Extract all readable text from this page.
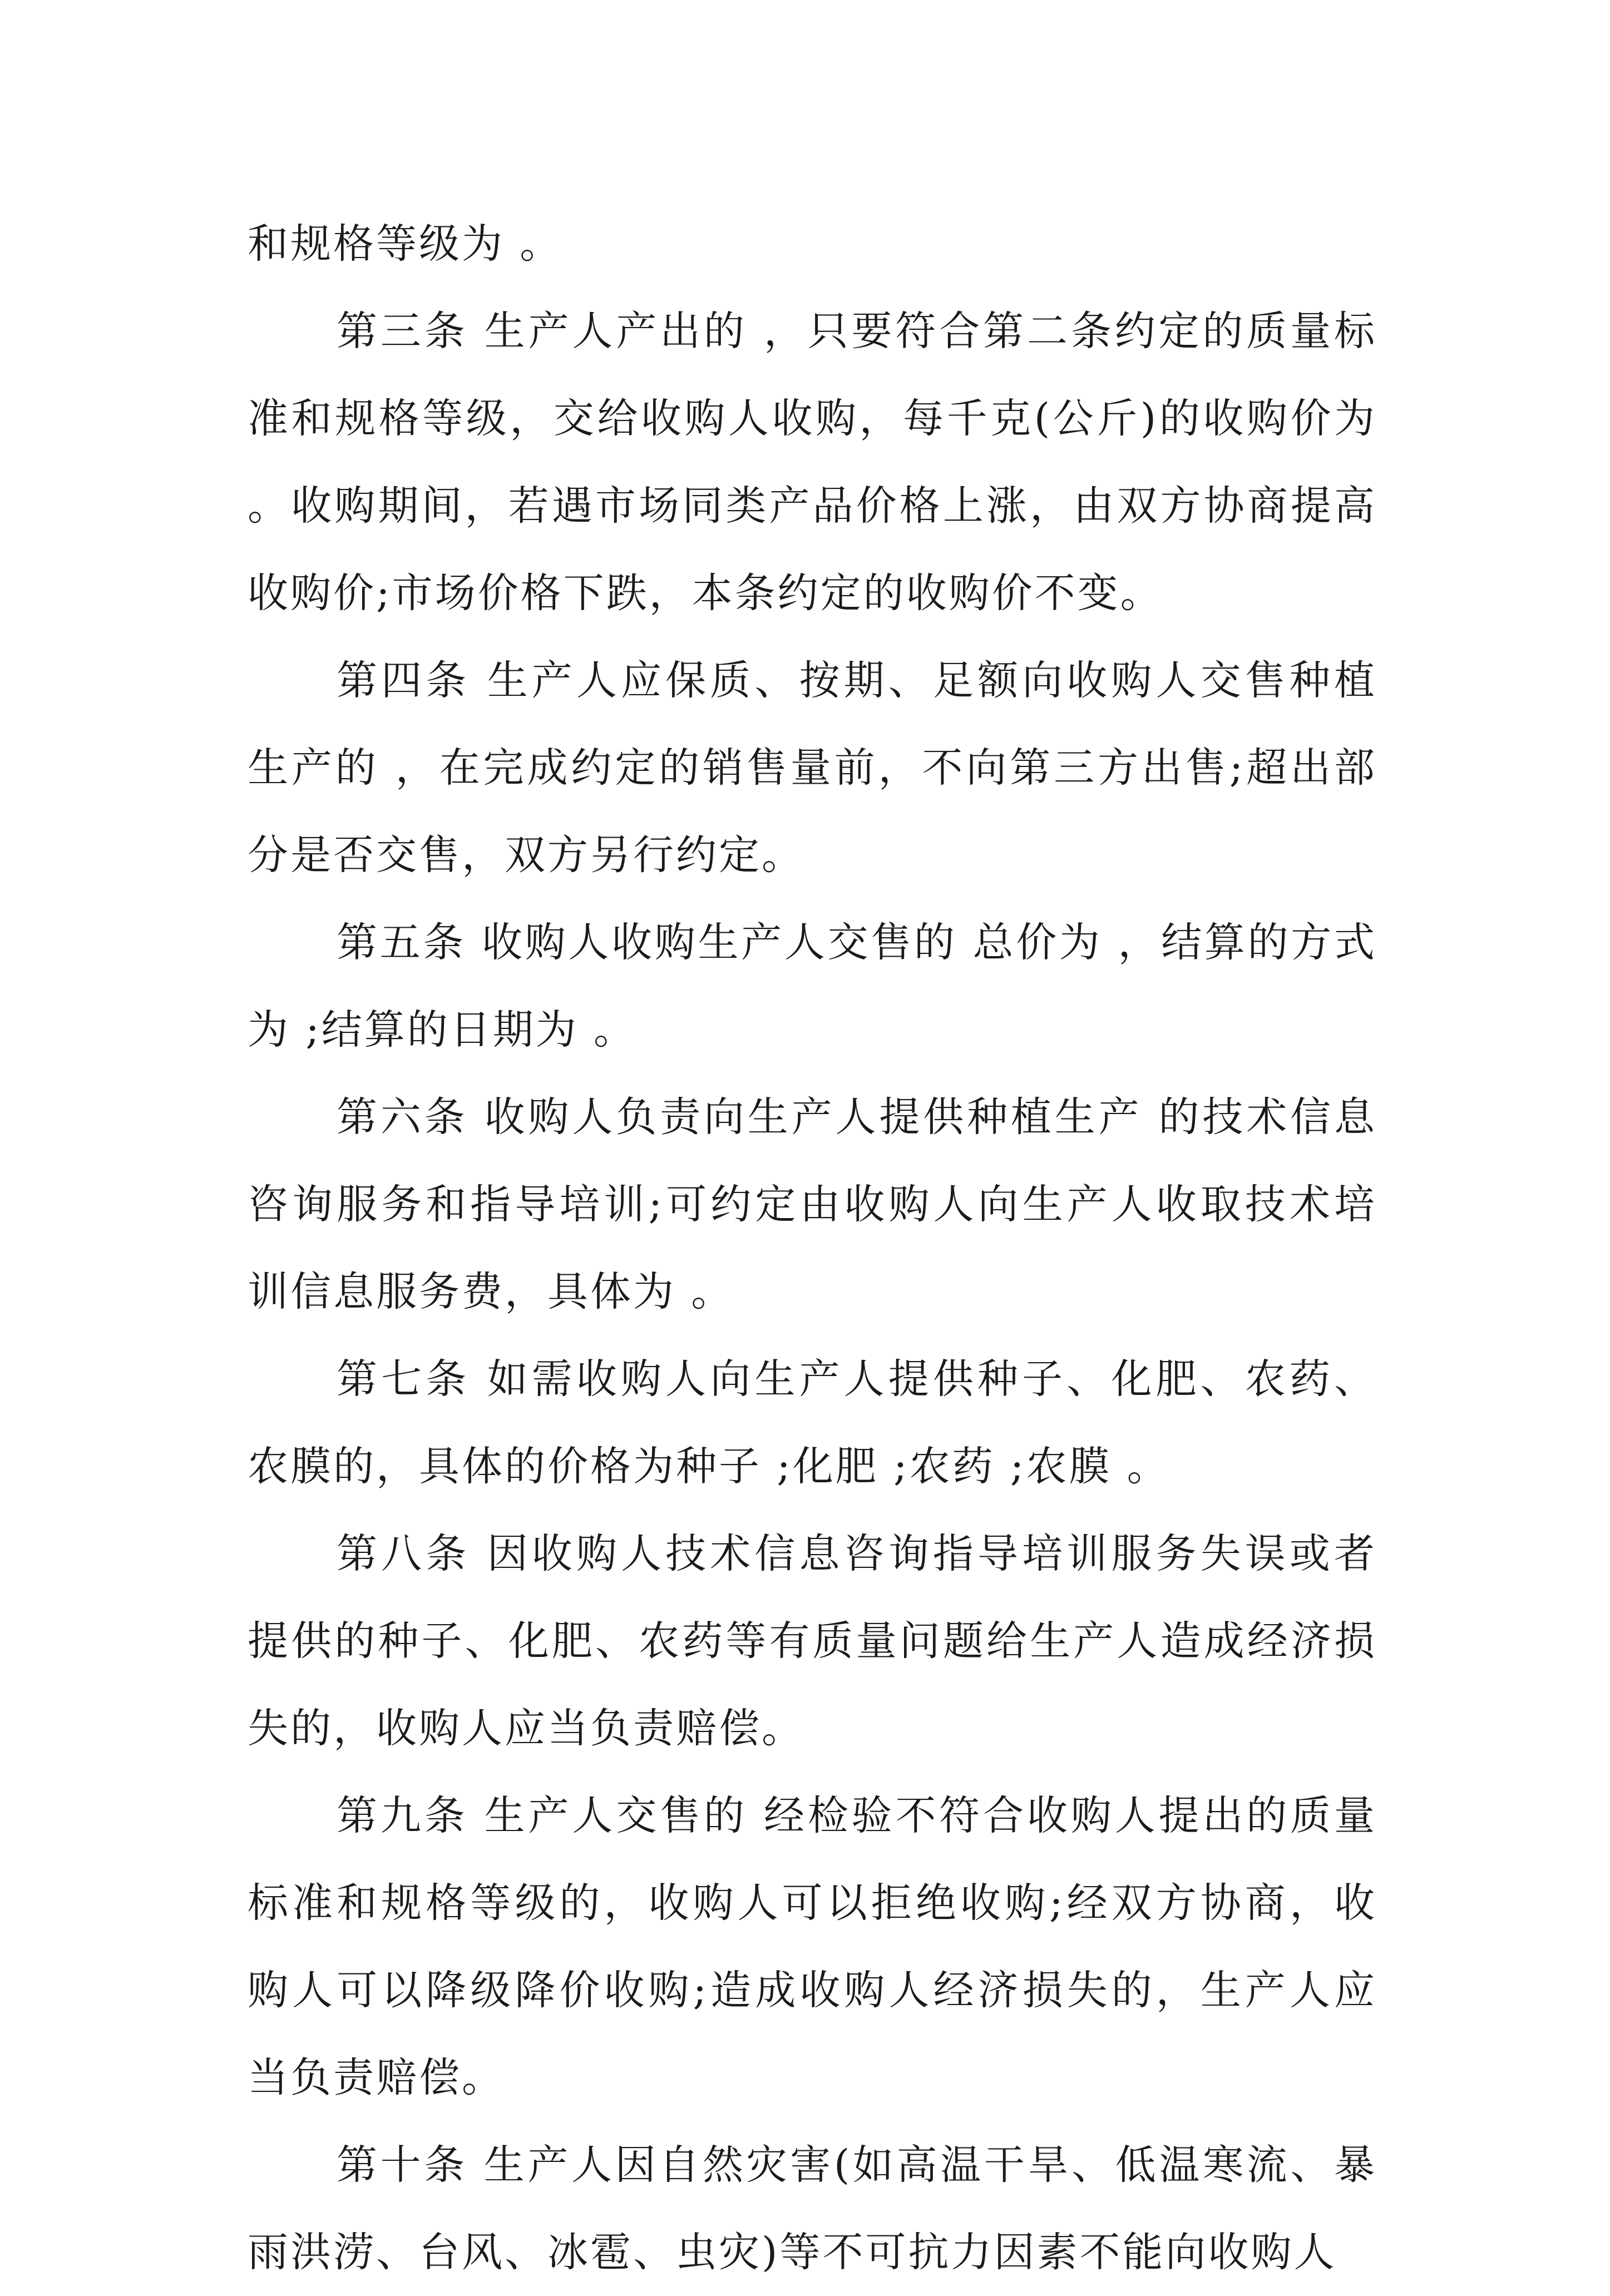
和规格等级为 。

第三条 生产人产出的 ，只要符合第二条约定的质量标准和规格等级，交给收购人收购，每千克(公斤)的收购价为 。收购期间，若遇市场同类产品价格上涨，由双方协商提高收购价;市场价格下跌，本条约定的收购价不变。

第四条 生产人应保质、按期、足额向收购人交售种植生产的 ，在完成约定的销售量前，不向第三方出售;超出部分是否交售，双方另行约定。

第五条 收购人收购生产人交售的 总价为 ，结算的方式为 ;结算的日期为 。

第六条 收购人负责向生产人提供种植生产 的技术信息咨询服务和指导培训;可约定由收购人向生产人收取技术培训信息服务费，具体为 。

第七条 如需收购人向生产人提供种子、化肥、农药、农膜的，具体的价格为种子 ;化肥 ;农药 ;农膜 。

第八条 因收购人技术信息咨询指导培训服务失误或者提供的种子、化肥、农药等有质量问题给生产人造成经济损失的，收购人应当负责赔偿。

第九条 生产人交售的 经检验不符合收购人提出的质量标准和规格等级的，收购人可以拒绝收购;经双方协商，收购人可以降级降价收购;造成收购人经济损失的，生产人应当负责赔偿。

第十条 生产人因自然灾害(如高温干旱、低温寒流、暴雨洪涝、台风、冰雹、虫灾)等不可抗力因素不能向收购人
